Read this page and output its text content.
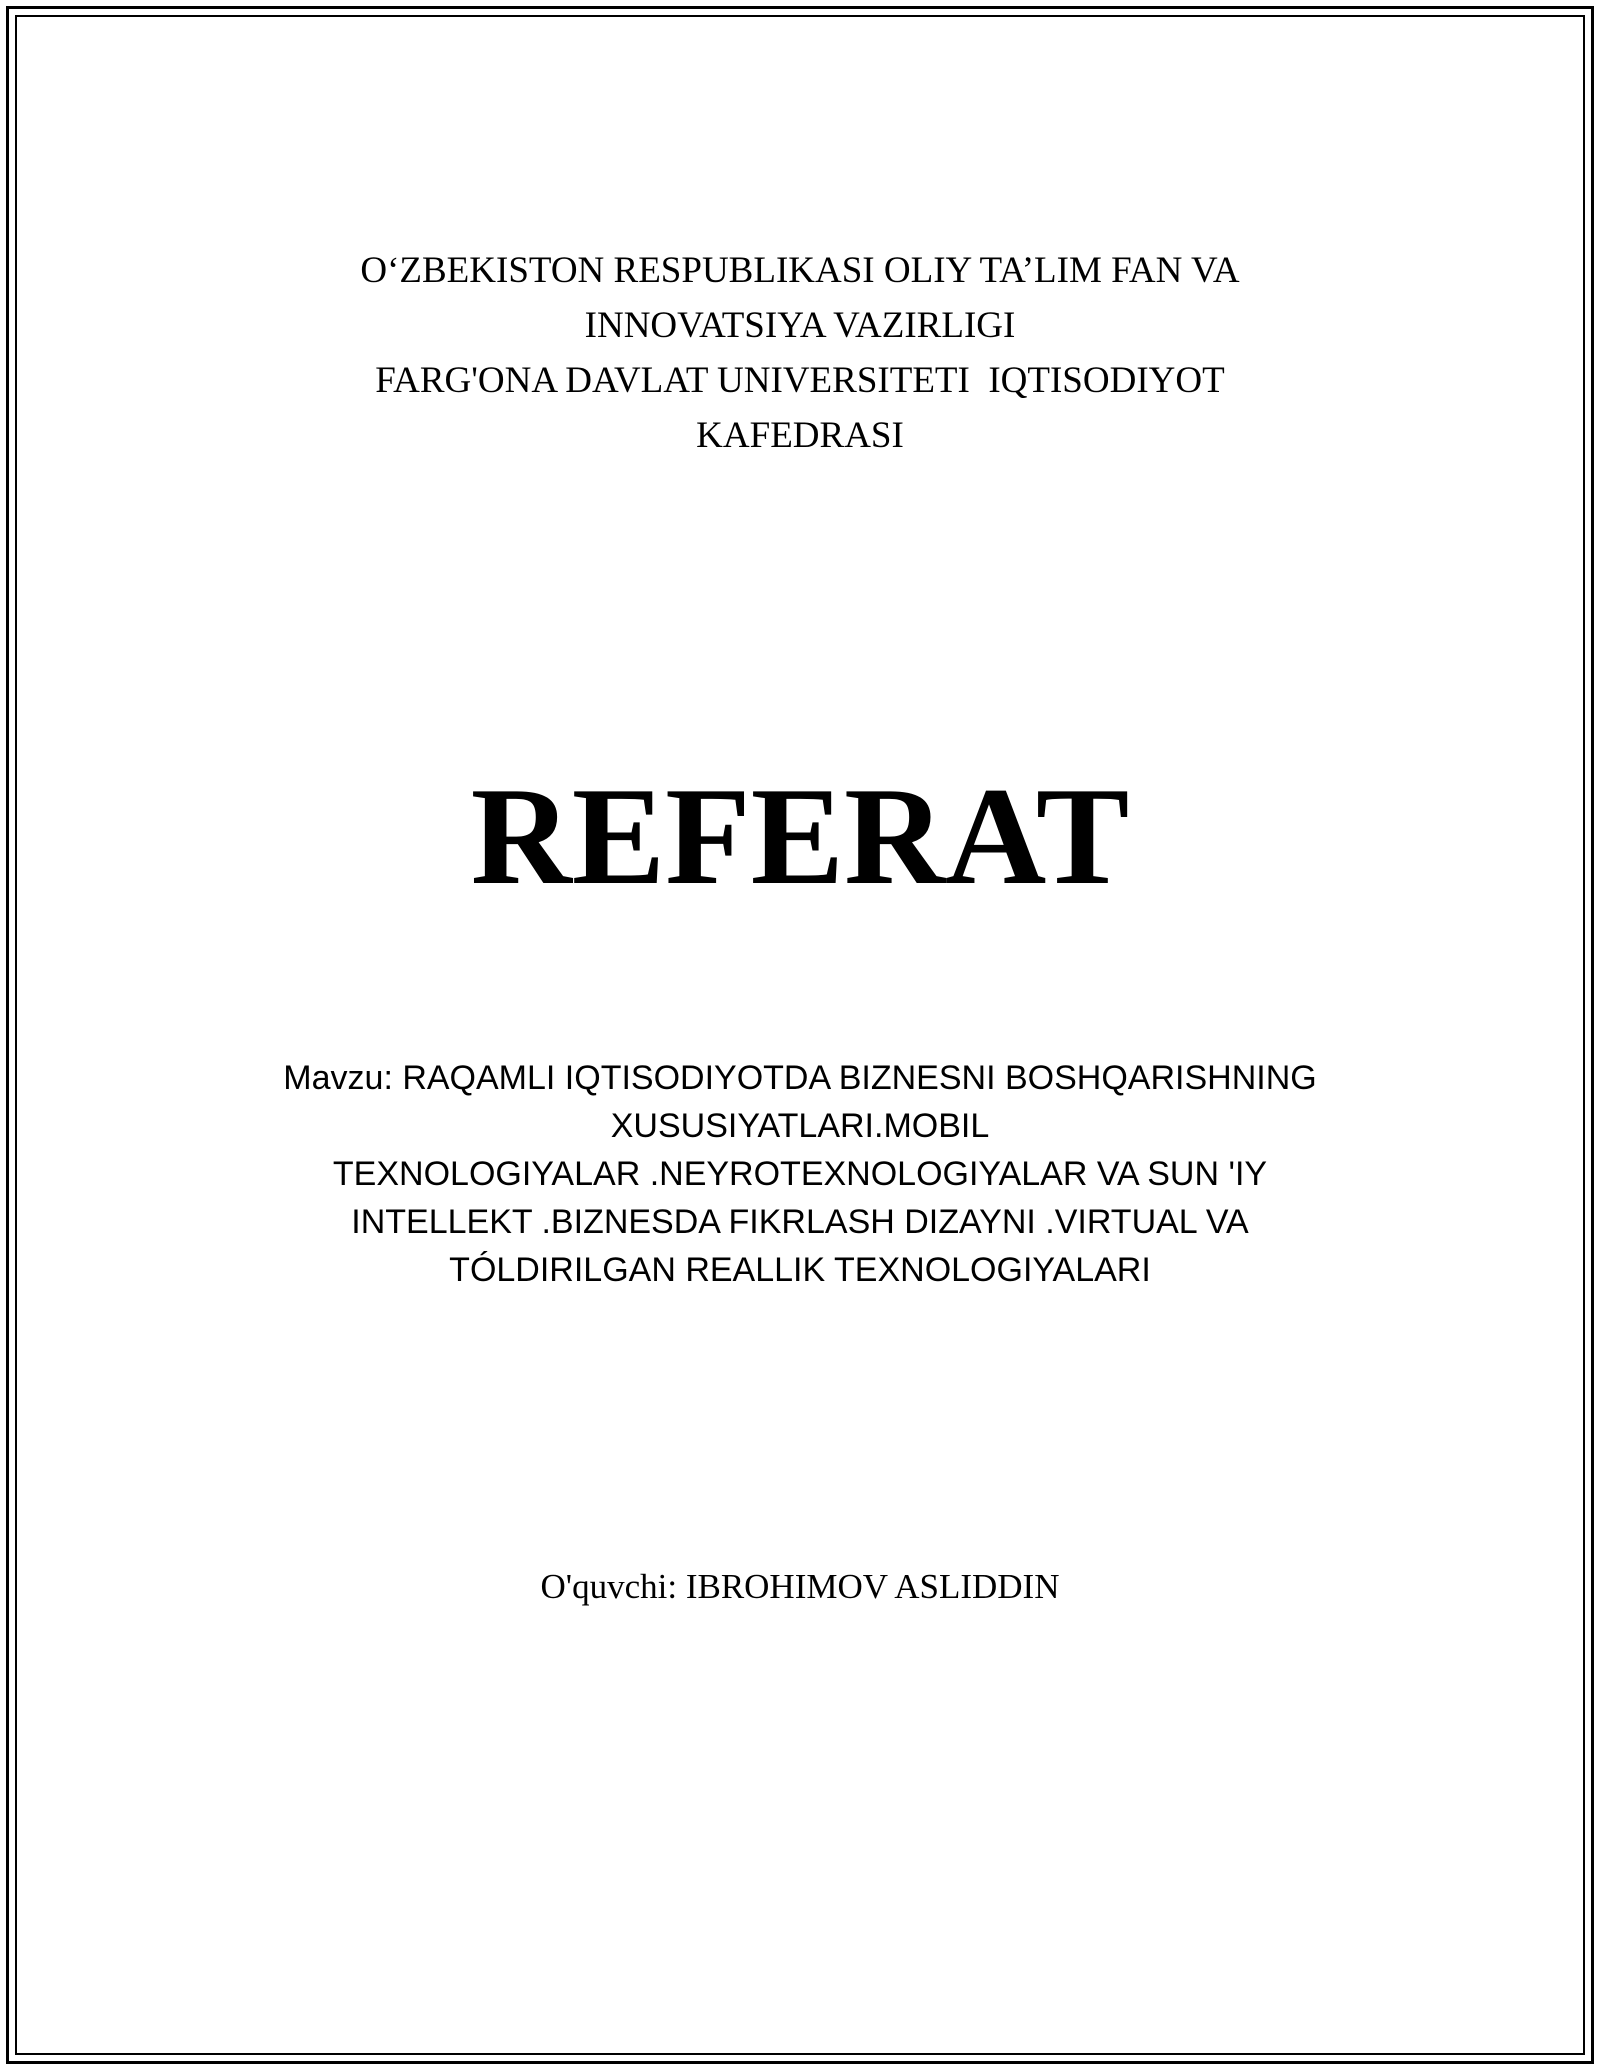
O‘ZBEKISTON RESPUBLIKASI OLIY TA’LIM FAN VA
INNOVATSIYA VAZIRLIGI
FARG'ONA DAVLAT UNIVERSITETI  IQTISODIYOT
KAFEDRASI
REFERAT
Mavzu: RAQAMLI IQTISODIYOTDA BIZNESNI BOSHQARISHNING
XUSUSIYATLARI.MOBIL
TEXNOLOGIYALAR .NEYROTEXNOLOGIYALAR VA SUN 'IY
INTELLEKT .BIZNESDA FIKRLASH DIZAYNI .VIRTUAL VA
TÓLDIRILGAN REALLIK TEXNOLOGIYALARI
O'quvchi: IBROHIMOV ASLIDDIN
